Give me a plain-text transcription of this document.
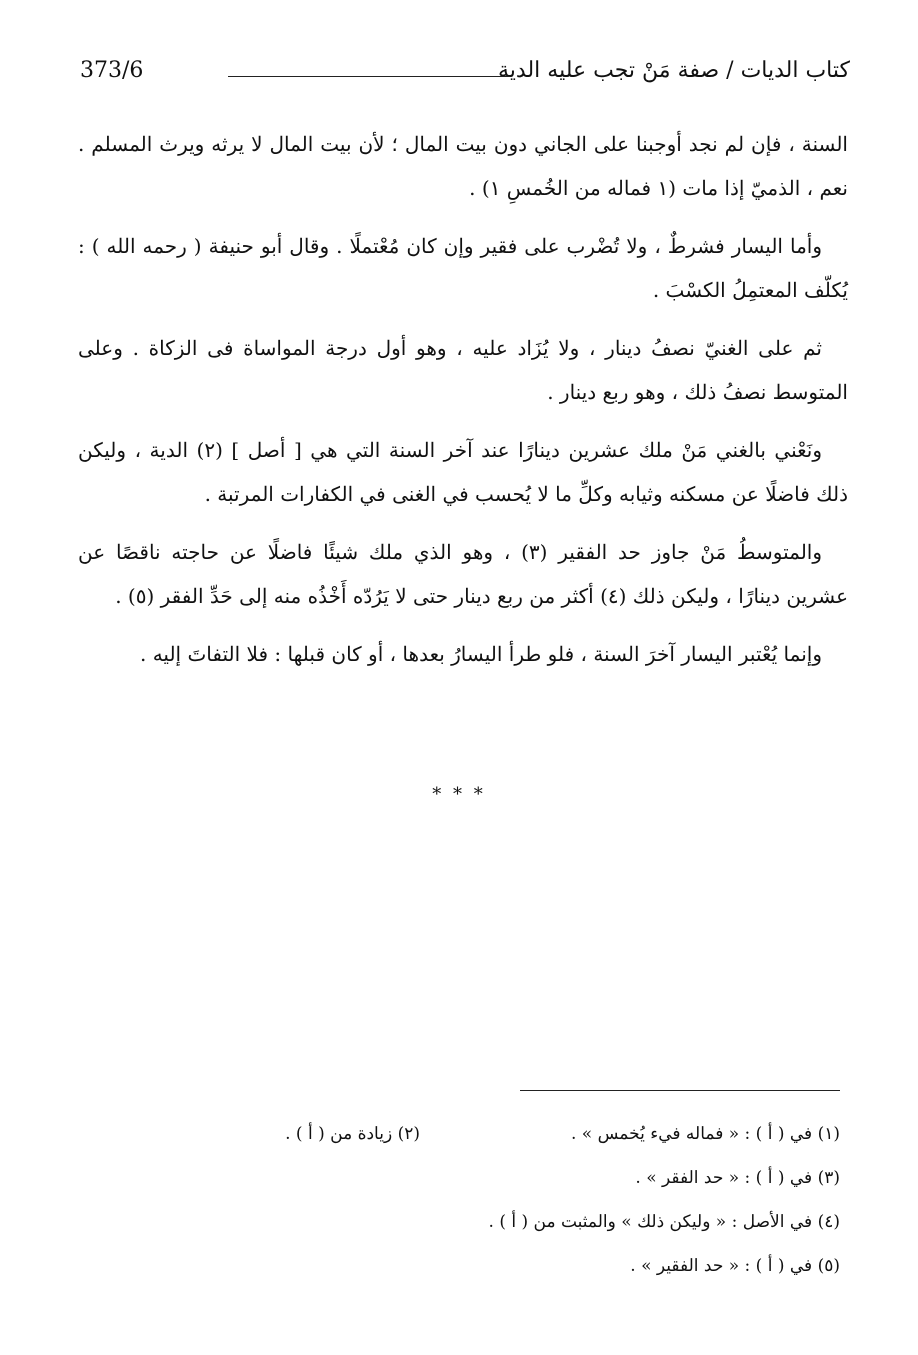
كتاب الديات / صفة مَنْ تجب عليه الدية
373/6

السنة ، فإن لم نجد أوجبنا على الجاني دون بيت المال ؛ لأن بيت المال لا يرثه ويرث المسلم . نعم ، الذميّ إذا مات (١ فماله من الخُمسِ ١) .

وأما اليسار فشرطٌ ، ولا تُضْرب على فقير وإن كان مُعْتملًا . وقال أبو حنيفة ( رحمه الله ) : يُكلّف المعتمِلُ الكسْبَ .

ثم على الغنيّ نصفُ دينار ، ولا يُزَاد عليه ، وهو أول درجة المواساة فى الزكاة . وعلى المتوسط نصفُ ذلك ، وهو ربع دينار .

ونَعْني بالغني مَنْ ملك عشرين دينارًا عند آخر السنة التي هي [ أصل ] (٢) الدية ، وليكن ذلك فاضلًا عن مسكنه وثيابه وكلِّ ما لا يُحسب في الغنى في الكفارات المرتبة .

والمتوسطُ مَنْ جاوز حد الفقير (٣) ، وهو الذي ملك شيئًا فاضلًا عن حاجته ناقصًا عن عشرين دينارًا ، وليكن ذلك (٤) أكثر من ربع دينار حتى لا يَرُدّه أَخْذُه منه إلى حَدِّ الفقر (٥) .

وإنما يُعْتبر اليسار آخرَ السنة ، فلو طرأ اليسارُ بعدها ، أو كان قبلها : فلا التفاتَ إليه .

* * *
(١) في ( أ ) : « فماله فيء يُخمس » .
(٢) زيادة من ( أ ) .
(٣) في ( أ ) : « حد الفقر » .
(٤) في الأصل : « وليكن ذلك » والمثبت من ( أ ) .
(٥) في ( أ ) : « حد الفقير » .
